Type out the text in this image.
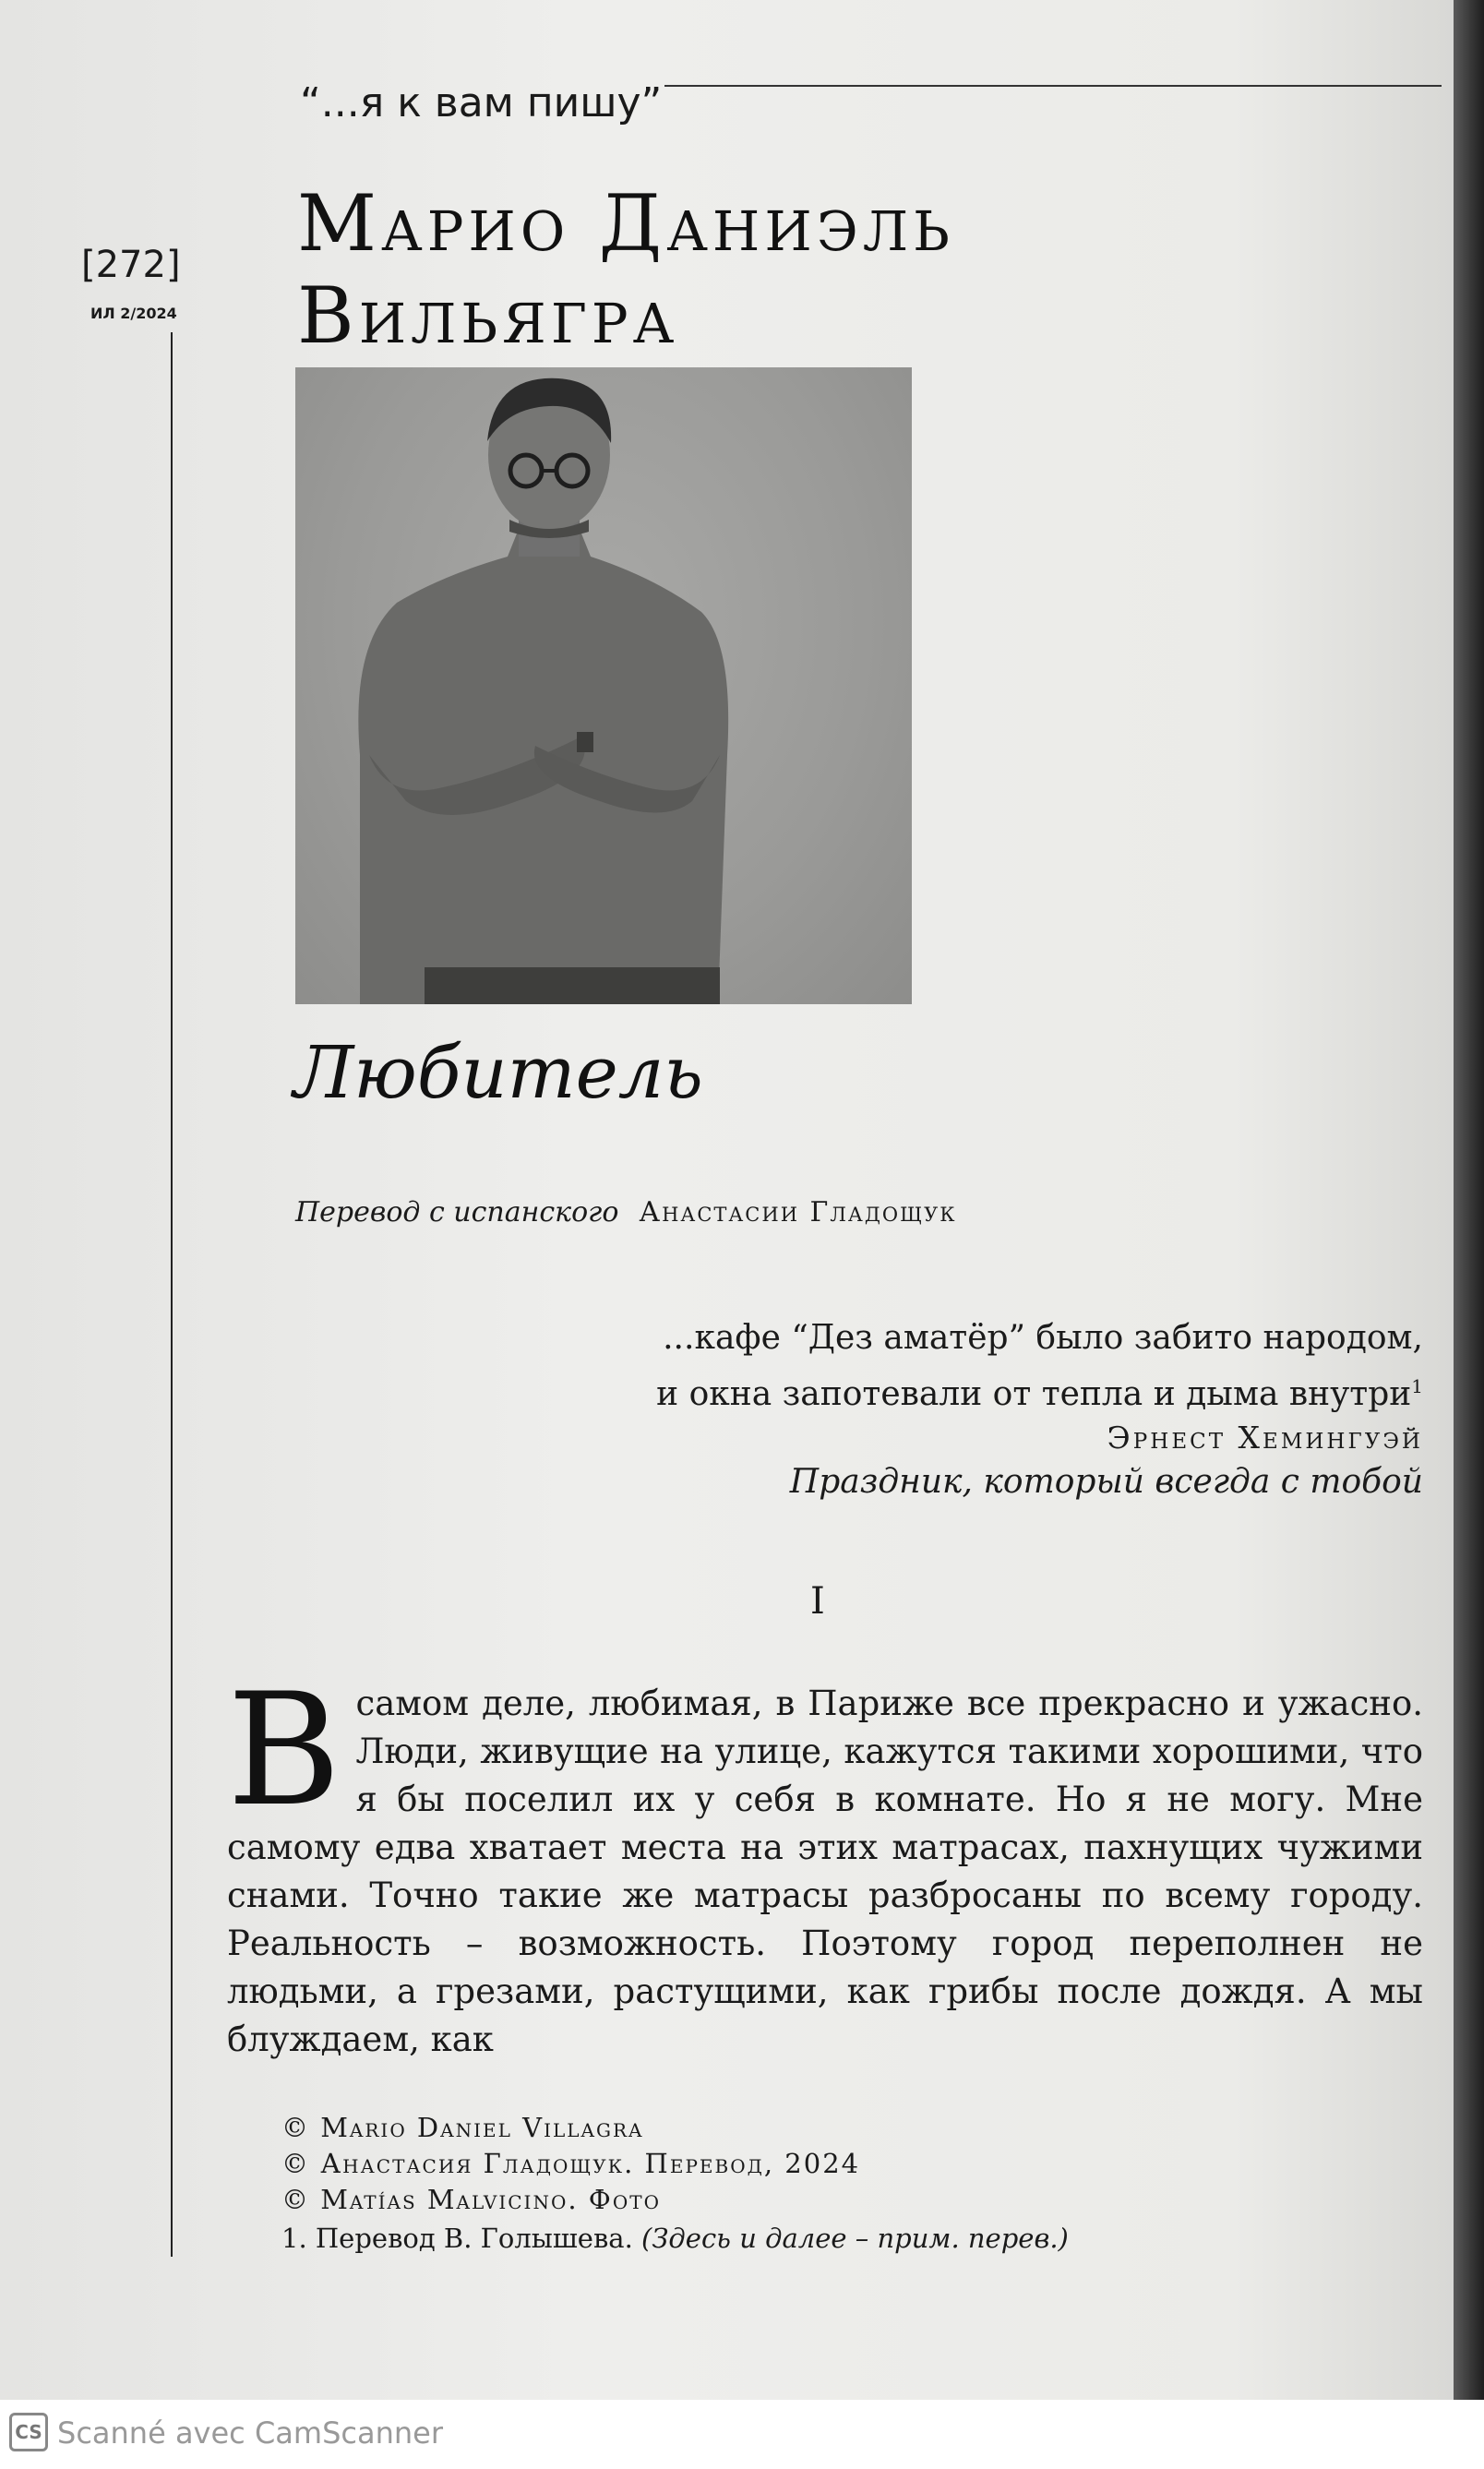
“...я к вам пишу”
[272]
ИЛ 2/2024
Марио Даниэль
Вильягра
Любитель
Перевод с испанского Анастасии Гладощук
...кафе “Дез аматёр” было забито народом,
и окна запотевали от тепла и дыма внутри$^1$
Эрнест Хемингуэй
Праздник, который всегда с тобой
I
Всамом деле, любимая, в Париже все прекрасно и ужасно. Люди, живущие на улице, кажутся такими хорошими, что я бы поселил их у себя в комнате. Но я не могу. Мне самому едва хватает места на этих матрасах, пахнущих чужими снами. Точно такие же матрасы разбросаны по всему городу. Реальность – возможность. Поэтому город переполнен не людьми, а грезами, растущими, как грибы после дождя. А мы блуждаем, как
© Mario Daniel Villagra
© Анастасия Гладощук. Перевод, 2024
© Matías Malvicino. Фото
1. Перевод В. Голышева. (Здесь и далее – прим. перев.)
CS Scanné avec CamScanner
